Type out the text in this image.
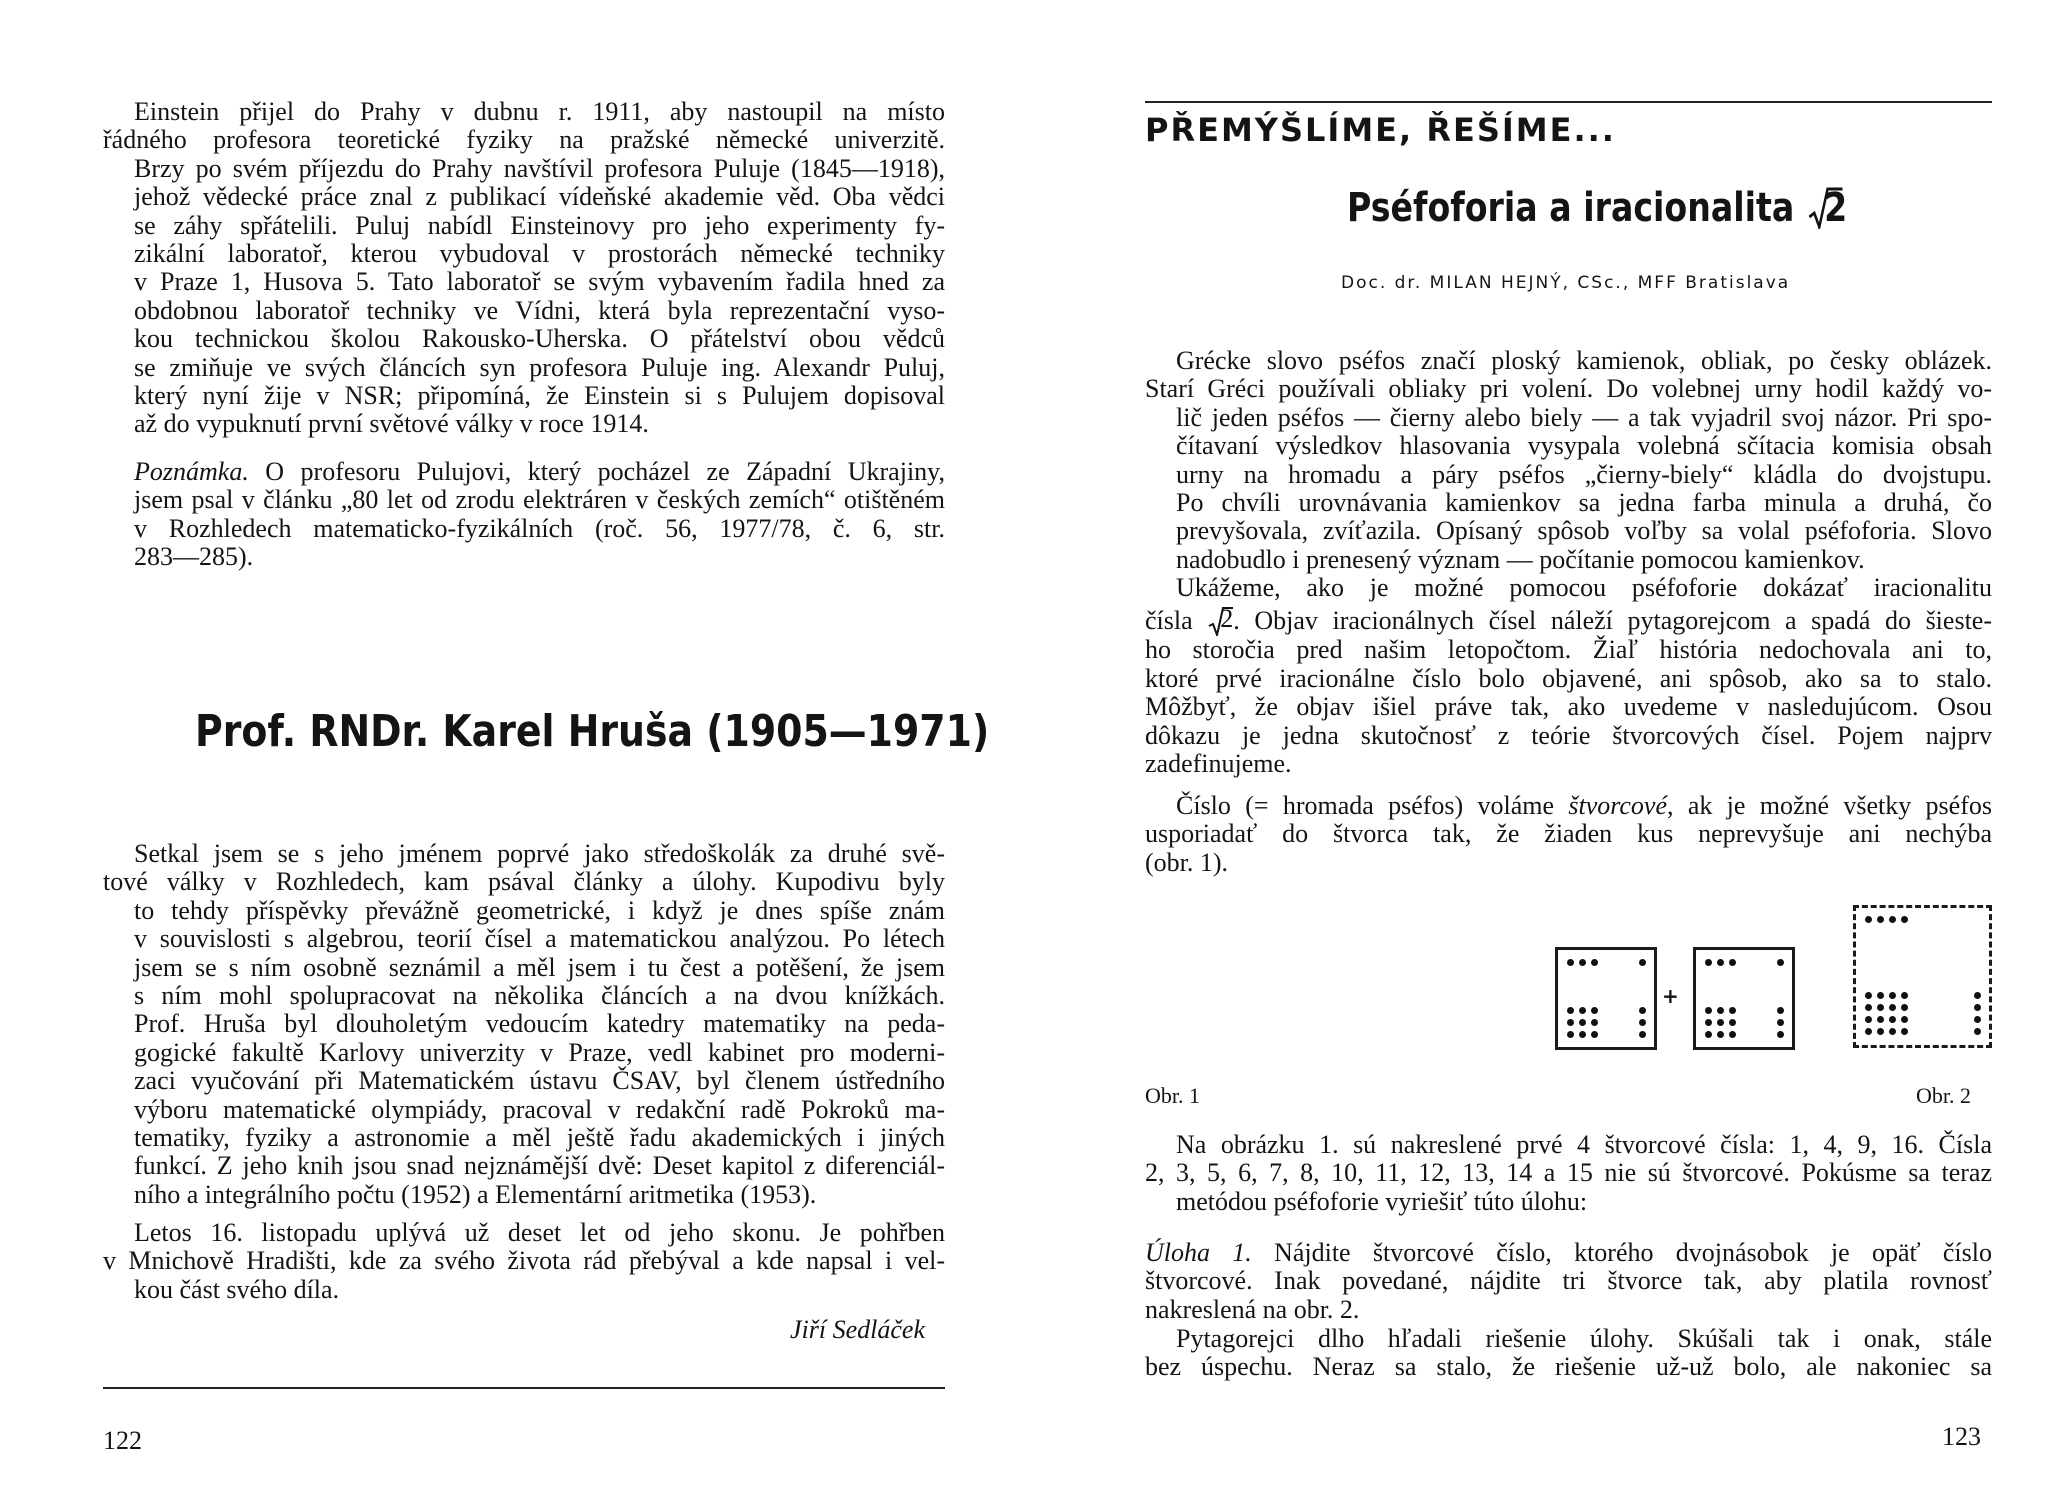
Einstein přijel do Prahy v dubnu r. 1911, aby nastoupil na místo
řádného profesora teoretické fyziky na pražské německé univerzitě.
Brzy po svém příjezdu do Prahy navštívil profesora Puluje (1845—1918),
jehož vědecké práce znal z publikací vídeňské akademie věd. Oba vědci
se záhy spřátelili. Puluj nabídl Einsteinovy pro jeho experimenty fy-
zikální laboratoř, kterou vybudoval v prostorách německé techniky
v Praze 1, Husova 5. Tato laboratoř se svým vybavením řadila hned za
obdobnou laboratoř techniky ve Vídni, která byla reprezentační vyso-
kou technickou školou Rakousko-Uherska. O přátelství obou vědců
se zmiňuje ve svých článcích syn profesora Puluje ing. Alexandr Puluj,
který nyní žije v NSR; připomíná, že Einstein si s Pulujem dopisoval
až do vypuknutí první světové války v roce 1914.
Poznámka. O profesoru Pulujovi, který pocházel ze Západní Ukrajiny,
jsem psal v článku „80 let od zrodu elektráren v českých zemích“ otištěném
v Rozhledech matematicko-fyzikálních (roč. 56, 1977/78, č. 6, str.
283—285).
Prof. RNDr. Karel Hruša (1905—1971)
Setkal jsem se s jeho jménem poprvé jako středoškolák za druhé svě-
tové války v Rozhledech, kam psával články a úlohy. Kupodivu byly
to tehdy příspěvky převážně geometrické, i když je dnes spíše znám
v souvislosti s algebrou, teorií čísel a matematickou analýzou. Po létech
jsem se s ním osobně seznámil a měl jsem i tu čest a potěšení, že jsem
s ním mohl spolupracovat na několika článcích a na dvou knížkách.
Prof. Hruša byl dlouholetým vedoucím katedry matematiky na peda-
gogické fakultě Karlovy univerzity v Praze, vedl kabinet pro moderni-
zaci vyučování při Matematickém ústavu ČSAV, byl členem ústředního
výboru matematické olympiády, pracoval v redakční radě Pokroků ma-
tematiky, fyziky a astronomie a měl ještě řadu akademických i jiných
funkcí. Z jeho knih jsou snad nejznámější dvě: Deset kapitol z diferenciál-
ního a integrálního počtu (1952) a Elementární aritmetika (1953).
Letos 16. listopadu uplývá už deset let od jeho skonu. Je pohřben
v Mnichově Hradišti, kde za svého života rád přebýval a kde napsal i vel-
kou část svého díla.
Jiří Sedláček
122
PŘEMÝŠLÍME, ŘEŠÍME...
Pséfoforia a iracionalita 2
Doc. dr. MILAN HEJNÝ, CSc., MFF Bratislava
Grécke slovo pséfos značí ploský kamienok, obliak, po česky oblázek.
Starí Gréci používali obliaky pri volení. Do volebnej urny hodil každý vo-
lič jeden pséfos — čierny alebo biely — a tak vyjadril svoj názor. Pri spo-
čítavaní výsledkov hlasovania vysypala volebná sčítacia komisia obsah
urny na hromadu a páry pséfos „čierny-biely“ kládla do dvojstupu.
Po chvíli urovnávania kamienkov sa jedna farba minula a druhá, čo
prevyšovala, zvíťazila. Opísaný spôsob voľby sa volal pséfoforia. Slovo
nadobudlo i prenesený význam — počítanie pomocou kamienkov.
Ukážeme, ako je možné pomocou pséfoforie dokázať iracionalitu
čísla 2 . Objav iracionálnych čísel náleží pytagorejcom a spadá do šieste-
ho storočia pred našim letopočtom. Žiaľ história nedochovala ani to,
ktoré prvé iracionálne číslo bolo objavené, ani spôsob, ako sa to stalo.
Môžbyť, že objav išiel práve tak, ako uvedeme v nasledujúcom. Osou
dôkazu je jedna skutočnosť z teórie štvorcových čísel. Pojem najprv
zadefinujeme.
Číslo (= hromada pséfos) voláme štvorcové, ak je možné všetky pséfos
usporiadať do štvorca tak, že žiaden kus neprevyšuje ani nechýba
(obr. 1).
+
Obr. 1	Obr. 2
Na obrázku 1. sú nakreslené prvé 4 štvorcové čísla: 1, 4, 9, 16. Čísla
2, 3, 5, 6, 7, 8, 10, 11, 12, 13, 14 a 15 nie sú štvorcové. Pokúsme sa teraz
metódou pséfoforie vyriešiť túto úlohu:
Úloha 1. Nájdite štvorcové číslo, ktorého dvojnásobok je opäť číslo
štvorcové. Inak povedané, nájdite tri štvorce tak, aby platila rovnosť
nakreslená na obr. 2.
Pytagorejci dlho hľadali riešenie úlohy. Skúšali tak i onak, stále
bez úspechu. Neraz sa stalo, že riešenie už-už bolo, ale nakoniec sa
123
